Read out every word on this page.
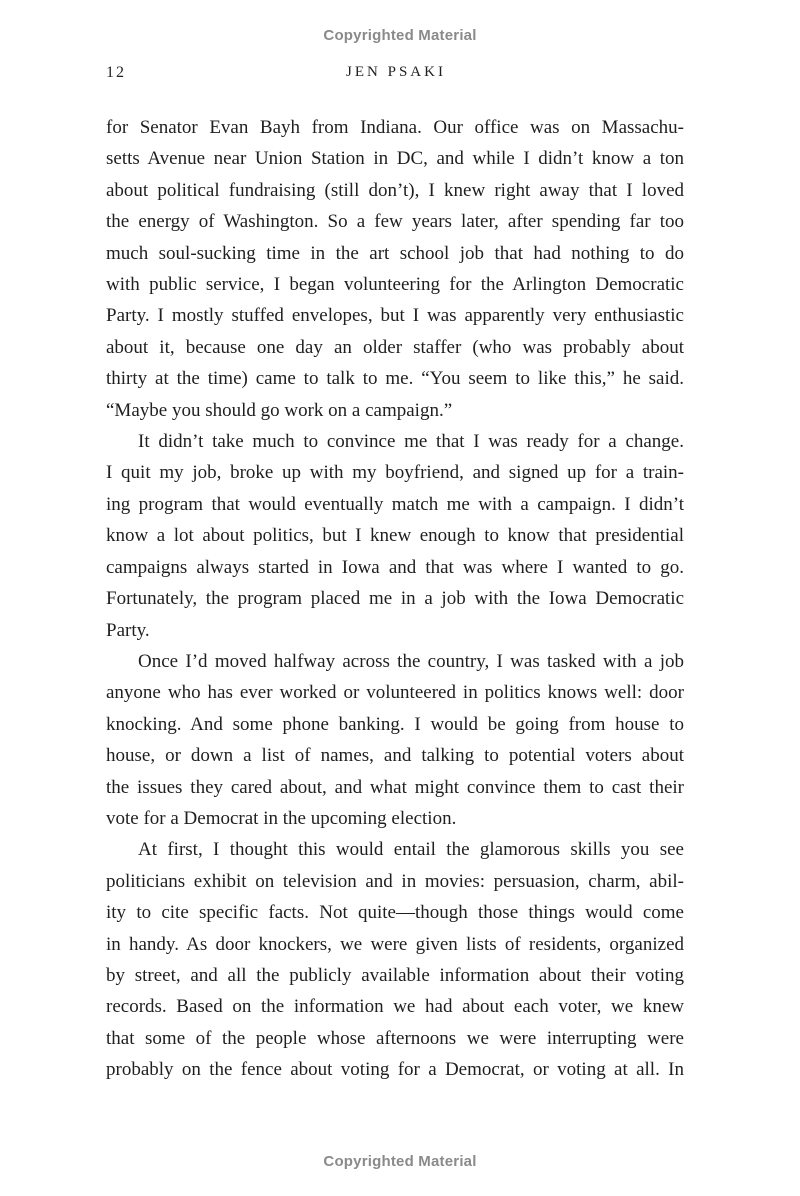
Copyrighted Material
12	JEN PSAKI

for Senator Evan Bayh from Indiana. Our office was on Massachu-
setts Avenue near Union Station in DC, and while I didn’t know a ton
about political fundraising (still don’t), I knew right away that I loved
the energy of Washington. So a few years later, after spending far too
much soul-sucking time in the art school job that had nothing to do
with public service, I began volunteering for the Arlington Democratic
Party. I mostly stuffed envelopes, but I was apparently very enthusiastic
about it, because one day an older staffer (who was probably about
thirty at the time) came to talk to me. “You seem to like this,” he said.
“Maybe you should go work on a campaign.”

It didn’t take much to convince me that I was ready for a change.
I quit my job, broke up with my boyfriend, and signed up for a train-
ing program that would eventually match me with a campaign. I didn’t
know a lot about politics, but I knew enough to know that presidential
campaigns always started in Iowa and that was where I wanted to go.
Fortunately, the program placed me in a job with the Iowa Democratic
Party.

Once I’d moved halfway across the country, I was tasked with a job
anyone who has ever worked or volunteered in politics knows well: door
knocking. And some phone banking. I would be going from house to
house, or down a list of names, and talking to potential voters about
the issues they cared about, and what might convince them to cast their
vote for a Democrat in the upcoming election.

At first, I thought this would entail the glamorous skills you see
politicians exhibit on television and in movies: persuasion, charm, abil-
ity to cite specific facts. Not quite—though those things would come
in handy. As door knockers, we were given lists of residents, organized
by street, and all the publicly available information about their voting
records. Based on the information we had about each voter, we knew
that some of the people whose afternoons we were interrupting were
probably on the fence about voting for a Democrat, or voting at all. In

Copyrighted Material
